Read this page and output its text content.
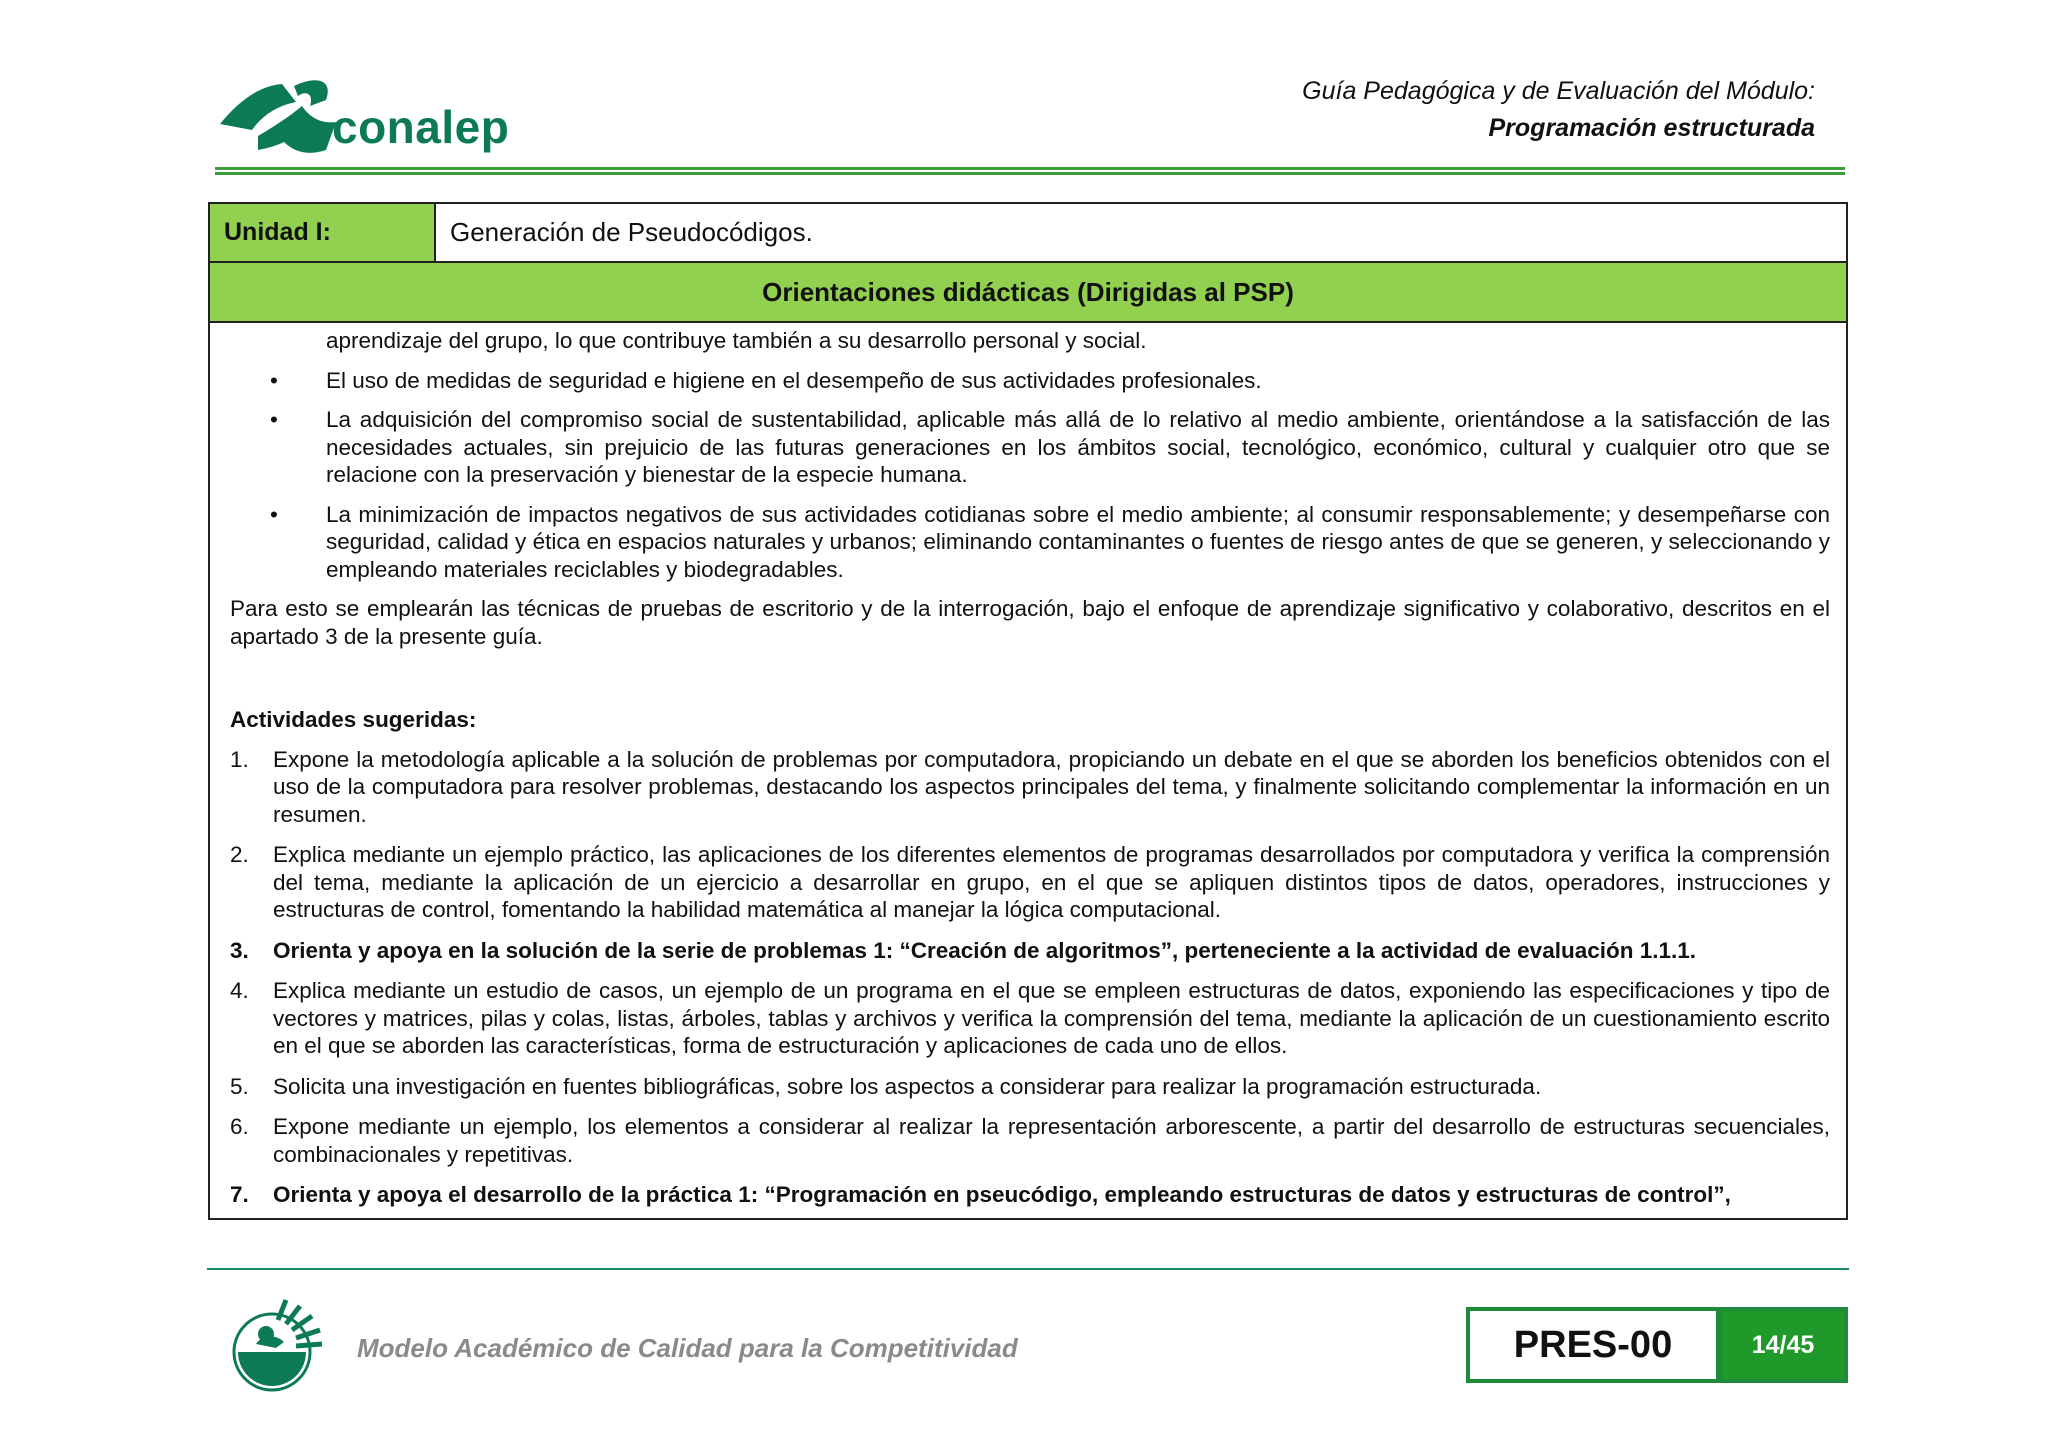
conalep
Guía Pedagógica y de Evaluación del Módulo:
Programación estructurada
Unidad I:	Generación de Pseudocódigos.
Orientaciones didácticas (Dirigidas al PSP)
aprendizaje del grupo, lo que contribuye también a su desarrollo personal y social.
• El uso de medidas de seguridad e higiene en el desempeño de sus actividades profesionales.
• La adquisición del compromiso social de sustentabilidad, aplicable más allá de lo relativo al medio ambiente, orientándose a la satisfacción de las necesidades actuales, sin prejuicio de las futuras generaciones en los ámbitos social, tecnológico, económico, cultural y cualquier otro que se relacione con la preservación y bienestar de la especie humana.
• La minimización de impactos negativos de sus actividades cotidianas sobre el medio ambiente; al consumir responsablemente; y desempeñarse con seguridad, calidad y ética en espacios naturales y urbanos; eliminando contaminantes o fuentes de riesgo antes de que se generen, y seleccionando y empleando materiales reciclables y biodegradables.
Para esto se emplearán las técnicas de pruebas de escritorio y de la interrogación, bajo el enfoque de aprendizaje significativo y colaborativo, descritos en el apartado 3 de la presente guía.
Actividades sugeridas:
1. Expone la metodología aplicable a la solución de problemas por computadora, propiciando un debate en el que se aborden los beneficios obtenidos con el uso de la computadora para resolver problemas, destacando los aspectos principales del tema, y finalmente solicitando complementar la información en un resumen.
2. Explica mediante un ejemplo práctico, las aplicaciones de los diferentes elementos de programas desarrollados por computadora y verifica la comprensión del tema, mediante la aplicación de un ejercicio a desarrollar en grupo, en el que se apliquen distintos tipos de datos, operadores, instrucciones y estructuras de control, fomentando la habilidad matemática al manejar la lógica computacional.
3. Orienta y apoya en la solución de la serie de problemas 1: “Creación de algoritmos”, perteneciente a la actividad de evaluación 1.1.1.
4. Explica mediante un estudio de casos, un ejemplo de un programa en el que se empleen estructuras de datos, exponiendo las especificaciones y tipo de vectores y matrices, pilas y colas, listas, árboles, tablas y archivos y verifica la comprensión del tema, mediante la aplicación de un cuestionamiento escrito en el que se aborden las características, forma de estructuración y aplicaciones de cada uno de ellos.
5. Solicita una investigación en fuentes bibliográficas, sobre los aspectos a considerar para realizar la programación estructurada.
6. Expone mediante un ejemplo, los elementos a considerar al realizar la representación arborescente, a partir del desarrollo de estructuras secuenciales, combinacionales y repetitivas.
7. Orienta y apoya el desarrollo de la práctica 1: “Programación en pseucódigo, empleando estructuras de datos y estructuras de control”,
Modelo Académico de Calidad para la Competitividad	PRES-00	14/45
